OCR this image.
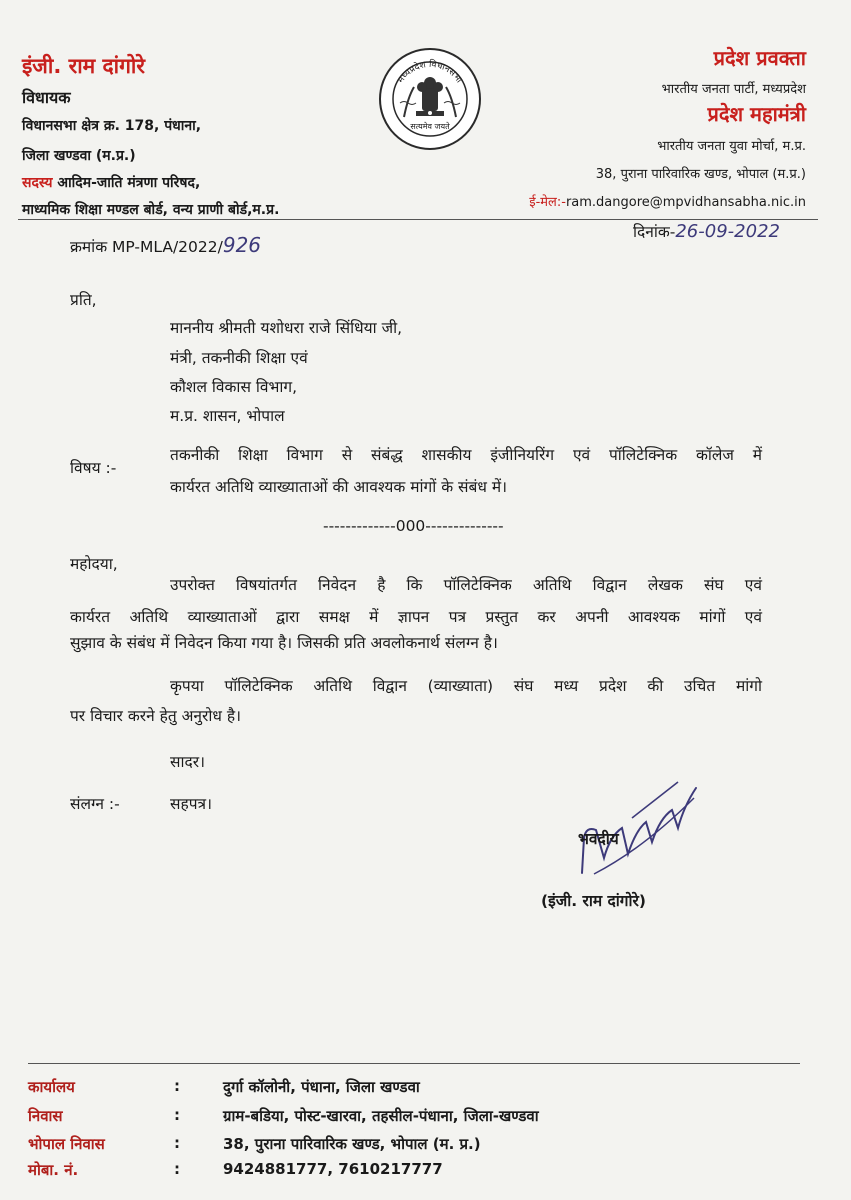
इंजी. राम दांगोरे
विधायक
विधानसभा क्षेत्र क्र. 178, पंधाना,
जिला खण्डवा (म.प्र.)
सदस्य आदिम-जाति मंत्रणा परिषद,
माध्यमिक शिक्षा मण्डल बोर्ड, वन्य प्राणी बोर्ड,म.प्र.
मध्यप्रदेश विधानसभा
सत्यमेव जयते
प्रदेश प्रवक्ता
भारतीय जनता पार्टी, मध्यप्रदेश
प्रदेश महामंत्री
भारतीय जनता युवा मोर्चा, म.प्र.
38, पुराना पारिवारिक खण्ड, भोपाल (म.प्र.)
ई-मेल:-ram.dangore@mpvidhansabha.nic.in
क्रमांक MP-MLA/2022/926
दिनांक-26-09-2022
प्रति,
माननीय श्रीमती यशोधरा राजे सिंधिया जी,
मंत्री, तकनीकी शिक्षा एवं
कौशल विकास विभाग,
म.प्र. शासन, भोपाल
विषय :-
तकनीकी शिक्षा विभाग से संबंद्ध शासकीय इंजीनियरिंग एवं पॉलिटेक्निक कॉलेज में
कार्यरत अतिथि व्याख्याताओं की आवश्यक मांगों के संबंध में।
-------------000--------------
महोदया,
उपरोक्त विषयांतर्गत निवेदन है कि पॉलिटेक्निक अतिथि विद्वान लेखक संघ एवं
कार्यरत अतिथि व्याख्याताओं द्वारा समक्ष में ज्ञापन पत्र प्रस्तुत कर अपनी आवश्यक मांगों एवं
सुझाव के संबंध में निवेदन किया गया है। जिसकी प्रति अवलोकनार्थ संलग्न है।
कृपया पॉलिटेक्निक अतिथि विद्वान (व्याख्याता) संघ मध्य प्रदेश की उचित मांगो
पर विचार करने हेतु अनुरोध है।
सादर।
संलग्न :-	सहपत्र।
भवदीय
(इंजी. राम दांगोरे)
कार्यालय	:	दुर्गा कॉलोनी, पंधाना, जिला खण्डवा
निवास	:	ग्राम-बडिया, पोस्ट-खारवा, तहसील-पंधाना, जिला-खण्डवा
भोपाल निवास	:	38, पुराना पारिवारिक खण्ड, भोपाल (म. प्र.)
मोबा. नं.	:	9424881777, 7610217777
